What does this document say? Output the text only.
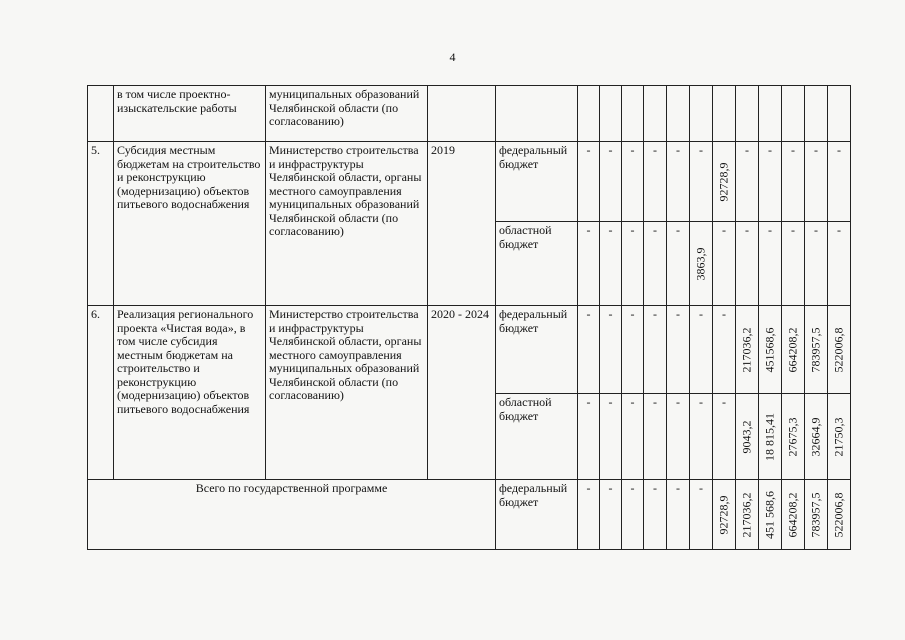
4
	в том числе проектно-изыскательские работы	муниципальных образований Челябинской области (по согласованию)														
5.	Субсидия местным бюджетам на строительство и реконструкцию (модернизацию) объектов питьевого водоснабжения	Министерство строительства и инфраструктуры Челябинской области, органы местного самоуправления муниципальных образований Челябинской области (по согласованию)	2019	федеральный бюджет	-	-	-	-	-	-	92728,9	-	-	-	-	-
				областной бюджет	-	-	-	-	-	3863,9	-	-	-	-	-	-
6.	Реализация регионального проекта «Чистая вода», в том числе субсидия местным бюджетам на строительство и реконструкцию (модернизацию) объектов питьевого водоснабжения	Министерство строительства и инфраструктуры Челябинской области, органы местного самоуправления муниципальных образований Челябинской области (по согласованию)	2020 - 2024	федеральный бюджет	-	-	-	-	-	-	-	217036,2	451568,6	664208,2	783957,5	522006,8

				областной бюджет	-	-	-	-	-	-	-	9043,2	18 815,41	27675,3	32664,9	21750,3

Всего по государственной программе				федеральный бюджет	-	-	-	-	-	-	92728,9	217036,2	451 568,6	664208,2	783957,5	522006,8
